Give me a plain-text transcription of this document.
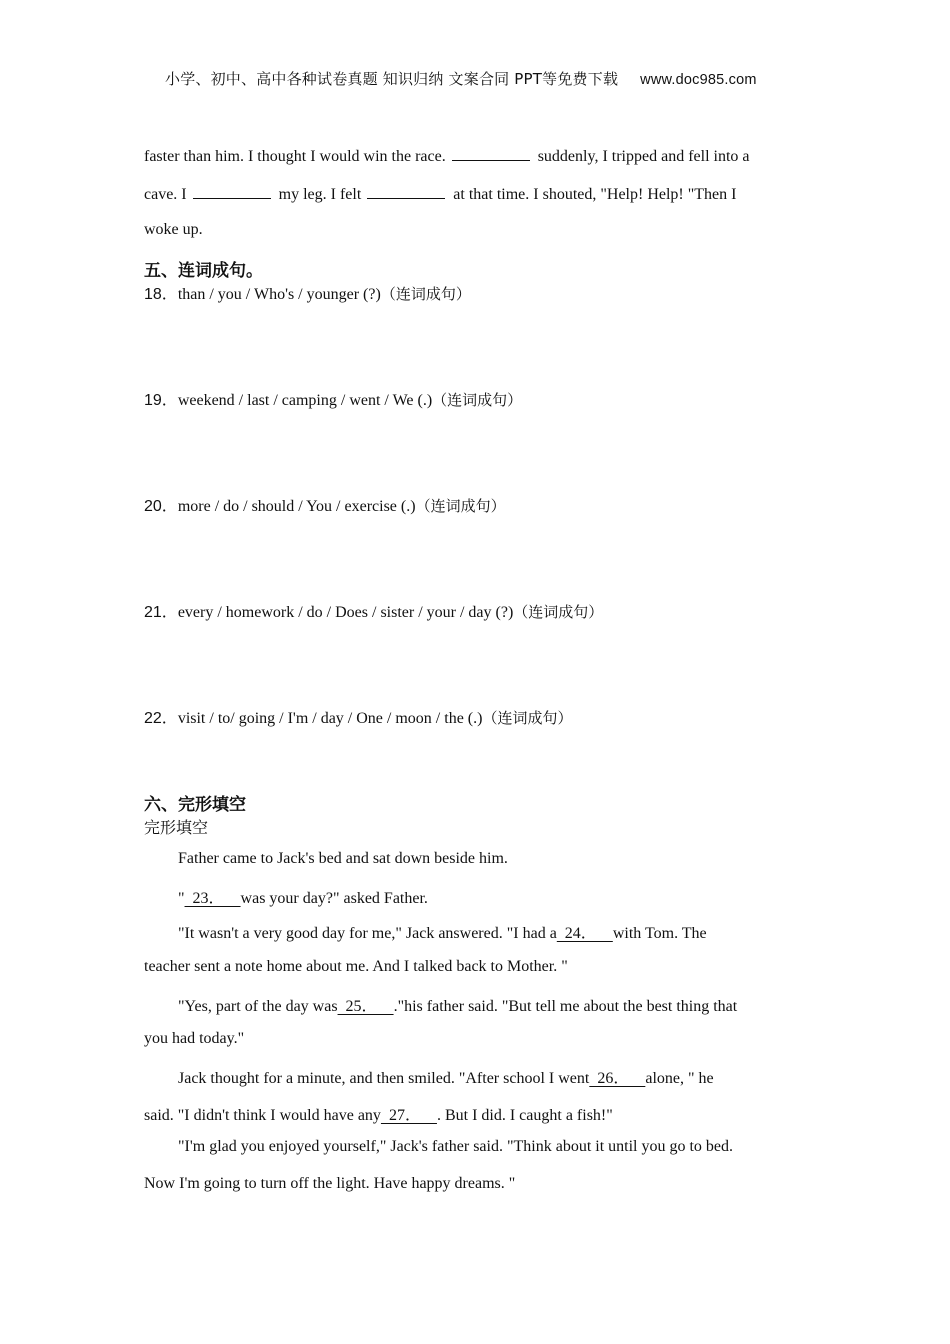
小学、初中、高中各种试卷真题 知识归纳 文案合同 PPT等免费下载 www.doc985.com
faster than him. I thought I would win the race.	suddenly, I tripped and fell into a
cave. I	my leg. I felt	at that time. I shouted, "Help! Help! "Then I
woke up.
五、连词成句。
18．than / you / Who's / younger (?)（连词成句）
19．weekend / last / camping / went / We (.)（连词成句）
20．more / do / should / You / exercise (.)（连词成句）
21．every / homework / do / Does / sister / your / day (?)（连词成句）
22．visit / to/ going / I'm / day / One / moon / the (.)（连词成句）
六、完形填空
完形填空
Father came to Jack's bed and sat down beside him.
"  23．    was your day?" asked Father.
"It wasn't a very good day for me," Jack answered. "I had a  24．    with Tom. The
teacher sent a note home about me. And I talked back to Mother. "
"Yes, part of the day was  25．    ."his father said. "But tell me about the best thing that
you had today."
Jack thought for a minute, and then smiled. "After school I went  26．    alone, " he
said. "I didn't think I would have any  27．    . But I did. I caught a fish!"
"I'm glad you enjoyed yourself," Jack's father said. "Think about it until you go to bed.
Now I'm going to turn off the light. Have happy dreams. "
